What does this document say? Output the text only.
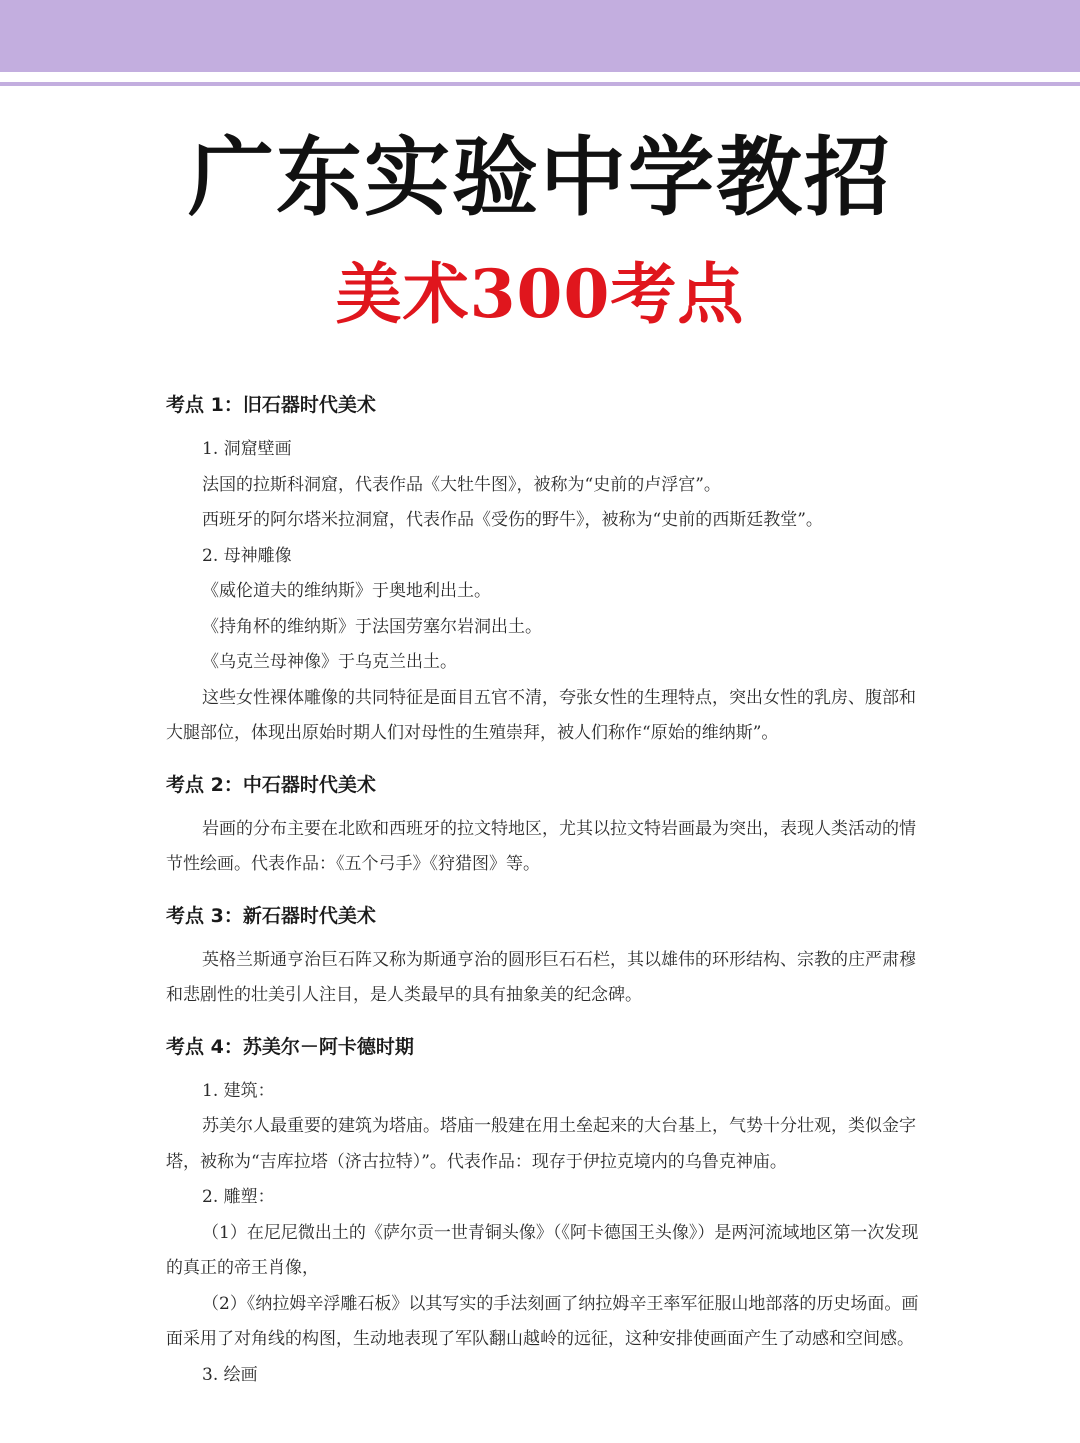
广东实验中学教招
美术300考点
考点 1：旧石器时代美术

1. 洞窟壁画

法国的拉斯科洞窟，代表作品《大牡牛图》，被称为“史前的卢浮宫”。

西班牙的阿尔塔米拉洞窟，代表作品《受伤的野牛》，被称为“史前的西斯廷教堂”。

2. 母神雕像

《威伦道夫的维纳斯》于奥地利出土。

《持角杯的维纳斯》于法国劳塞尔岩洞出土。

《乌克兰母神像》于乌克兰出土。

这些女性裸体雕像的共同特征是面目五官不清，夸张女性的生理特点，突出女性的乳房、腹部和大腿部位，体现出原始时期人们对母性的生殖崇拜，被人们称作“原始的维纳斯”。

考点 2：中石器时代美术

岩画的分布主要在北欧和西班牙的拉文特地区，尤其以拉文特岩画最为突出，表现人类活动的情节性绘画。代表作品：《五个弓手》《狩猎图》等。

考点 3：新石器时代美术

英格兰斯通亨治巨石阵又称为斯通亨治的圆形巨石石栏，其以雄伟的环形结构、宗教的庄严肃穆和悲剧性的壮美引人注目，是人类最早的具有抽象美的纪念碑。

考点 4：苏美尔－阿卡德时期

1. 建筑：

苏美尔人最重要的建筑为塔庙。塔庙一般建在用土垒起来的大台基上，气势十分壮观，类似金字塔，被称为“吉库拉塔（济古拉特）”。代表作品：现存于伊拉克境内的乌鲁克神庙。

2. 雕塑：

（1）在尼尼微出土的《萨尔贡一世青铜头像》（《阿卡德国王头像》）是两河流域地区第一次发现的真正的帝王肖像，

（2）《纳拉姆辛浮雕石板》以其写实的手法刻画了纳拉姆辛王率军征服山地部落的历史场面。画面采用了对角线的构图，生动地表现了军队翻山越岭的远征，这种安排使画面产生了动感和空间感。

3. 绘画
